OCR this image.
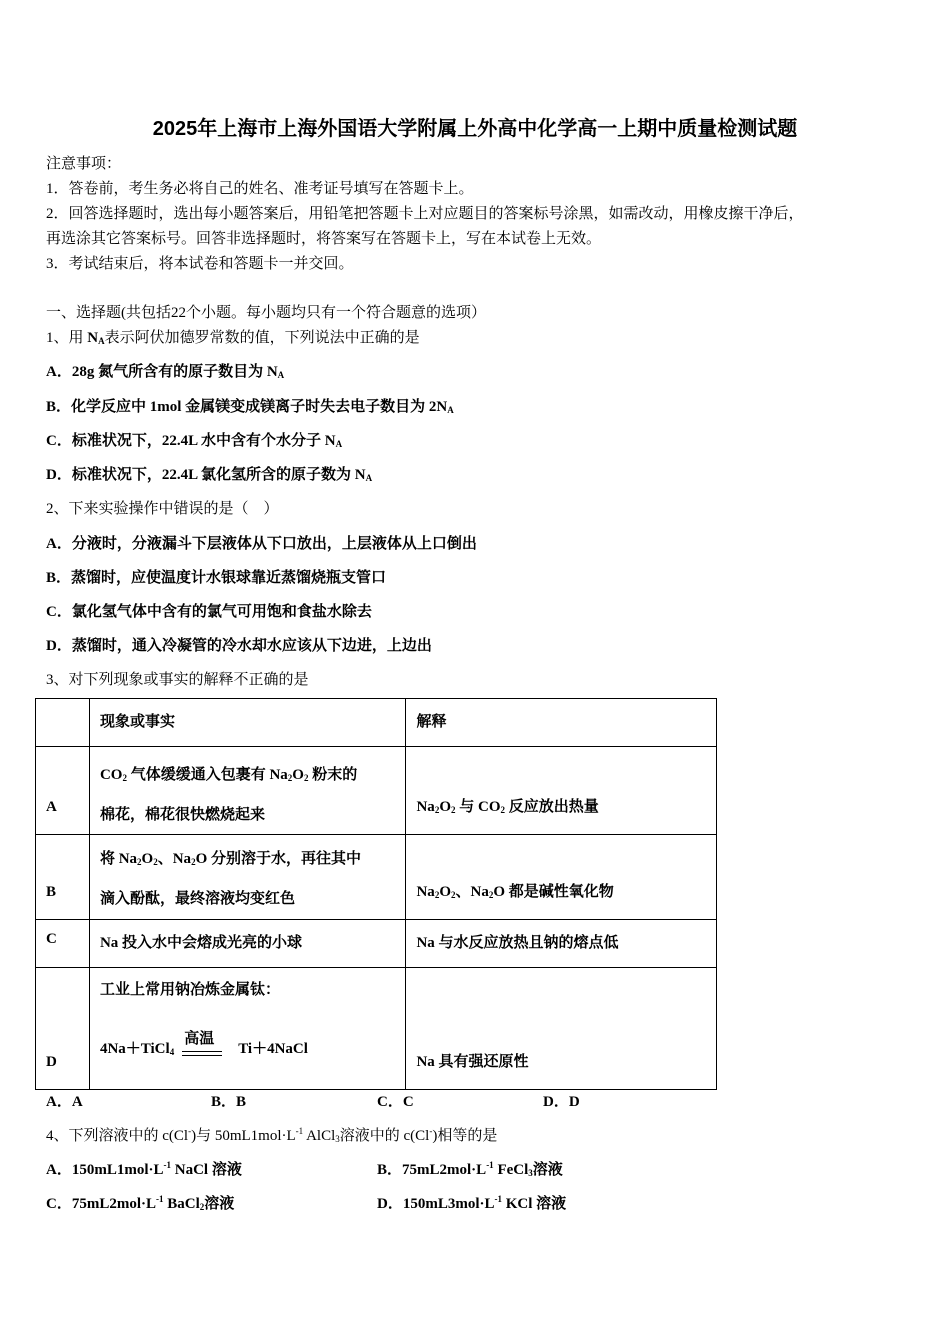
2025年上海市上海外国语大学附属上外高中化学高一上期中质量检测试题
注意事项：
1．答卷前，考生务必将自己的姓名、准考证号填写在答题卡上。
2．回答选择题时，选出每小题答案后，用铅笔把答题卡上对应题目的答案标号涂黑，如需改动，用橡皮擦干净后，
再选涂其它答案标号。回答非选择题时，将答案写在答题卡上，写在本试卷上无效。
3．考试结束后，将本试卷和答题卡一并交回。
一、选择题(共包括22个小题。每小题均只有一个符合题意的选项）
1、用 $N_A$表示阿伏加德罗常数的值，下列说法中正确的是
A．28g 氮气所含有的原子数目为 $N_A$
B．化学反应中 1mol 金属镁变成镁离子时失去电子数目为 $2N_A$
C．标准状况下，22.4L 水中含有个水分子 $N_A$
D．标准状况下，22.4L 氯化氢所含的原子数为 $N_A$
2、下来实验操作中错误的是（　）
A．分液时，分液漏斗下层液体从下口放出，上层液体从上口倒出
B．蒸馏时，应使温度计水银球靠近蒸馏烧瓶支管口
C．氯化氢气体中含有的氯气可用饱和食盐水除去
D．蒸馏时，通入冷凝管的冷水却水应该从下边进，上边出
3、对下列现象或事实的解释不正确的是
	现象或事实	解释
A	$CO_2$ 气体缓缓通入包裹有 $Na_2O_2$ 粉末的
棉花，棉花很快燃烧起来	$Na_2O_2$ 与 $CO_2$ 反应放出热量
B	将 $Na_2O_2$、$Na_2O$ 分别溶于水，再往其中
滴入酚酞，最终溶液均变红色	$Na_2O_2$、$Na_2O$ 都是碱性氧化物
C	Na 投入水中会熔成光亮的小球	Na 与水反应放热且钠的熔点低
D	工业上常用钠冶炼金属钛：
4Na＋TiCl$_4$
高温
Ti＋4NaCl	Na 具有强还原性
A．A	B．B	C．C	D．D
4、下列溶液中的 c(Cl-)与 $50mL1mol\cdot L^{-1}$ AlCl$_3$溶液中的 c(Cl-)相等的是
A．$150mL1mol\cdot L^{-1}$ NaCl 溶液	B．$75mL2mol\cdot L^{-1}$ FeCl$_3$溶液
C．$75mL2mol\cdot L^{-1}$ BaCl$_2$溶液	D．$150mL3mol\cdot L^{-1}$ KCl 溶液
